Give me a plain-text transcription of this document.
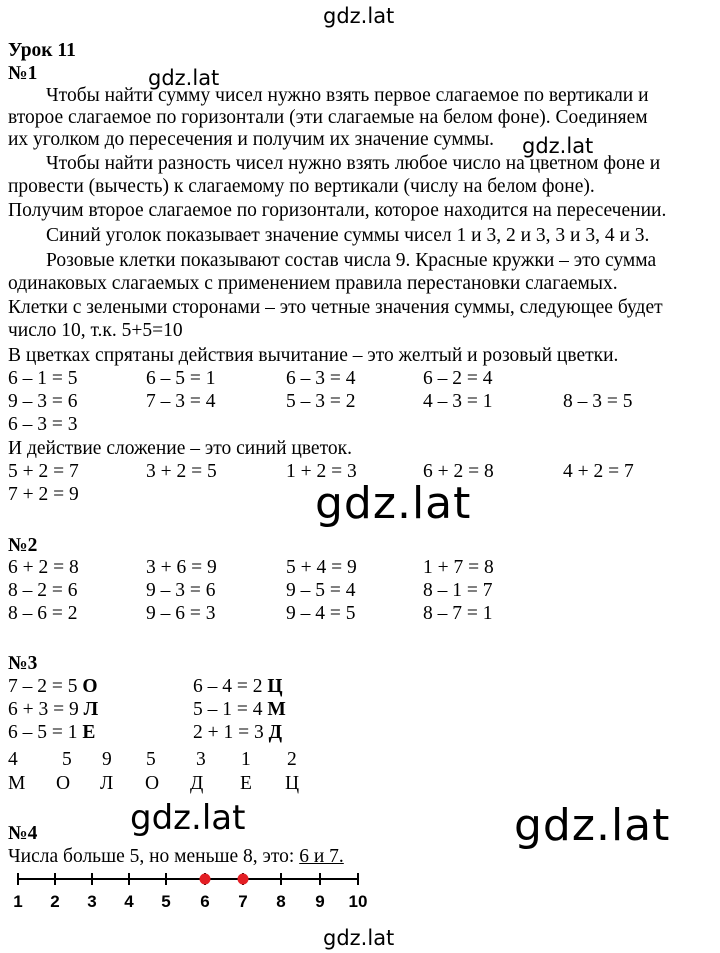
gdz.lat
gdz.lat
gdz.lat
gdz.lat
gdz.lat	gdz.lat
gdz.lat
Урок 11
№1
Чтобы найти сумму чисел нужно взять первое слагаемое по вертикали и
второе слагаемое по горизонтали (эти слагаемые на белом фоне). Соединяем
их уголком до пересечения и получим их значение суммы.
Чтобы найти разность чисел нужно взять любое число на цветном фоне и
провести (вычесть) к слагаемому по вертикали (числу на белом фоне).
Получим второе слагаемое по горизонтали, которое находится на пересечении.
Синий уголок показывает значение суммы чисел 1 и 3, 2 и 3, 3 и 3, 4 и 3.
Розовые клетки показывают состав числа 9. Красные кружки – это сумма
одинаковых слагаемых с применением правила перестановки слагаемых.
Клетки с зелеными сторонами – это четные значения суммы, следующее будет
число 10, т.к. 5+5=10
В цветках спрятаны действия вычитание – это желтый и розовый цветки.
6 – 1 = 5	6 – 5 = 1	6 – 3 = 4	6 – 2 = 4
9 – 3 = 6	7 – 3 = 4	5 – 3 = 2	4 – 3 = 1	8 – 3 = 5
6 – 3 = 3
И действие сложение – это синий цветок.
5 + 2 = 7	3 + 2 = 5	1 + 2 = 3	6 + 2 = 8	4 + 2 = 7
7 + 2 = 9
№2
6 + 2 = 8	3 + 6 = 9	5 + 4 = 9	1 + 7 = 8
8 – 2 = 6	9 – 3 = 6	9 – 5 = 4	8 – 1 = 7
8 – 6 = 2	9 – 6 = 3	9 – 4 = 5	8 – 7 = 1
№3
7 – 2 = 5 О	6 – 4 = 2 Ц
6 + 3 = 9 Л	5 – 1 = 4 М
6 – 5 = 1 Е	2 + 1 = 3 Д
4 5 9 5 3 1 2
М О Л О Д Е Ц
№4
Числа больше 5, но меньше 8, это: 6 и 7.
1 2 3 4 5 6 7 8 9 10
